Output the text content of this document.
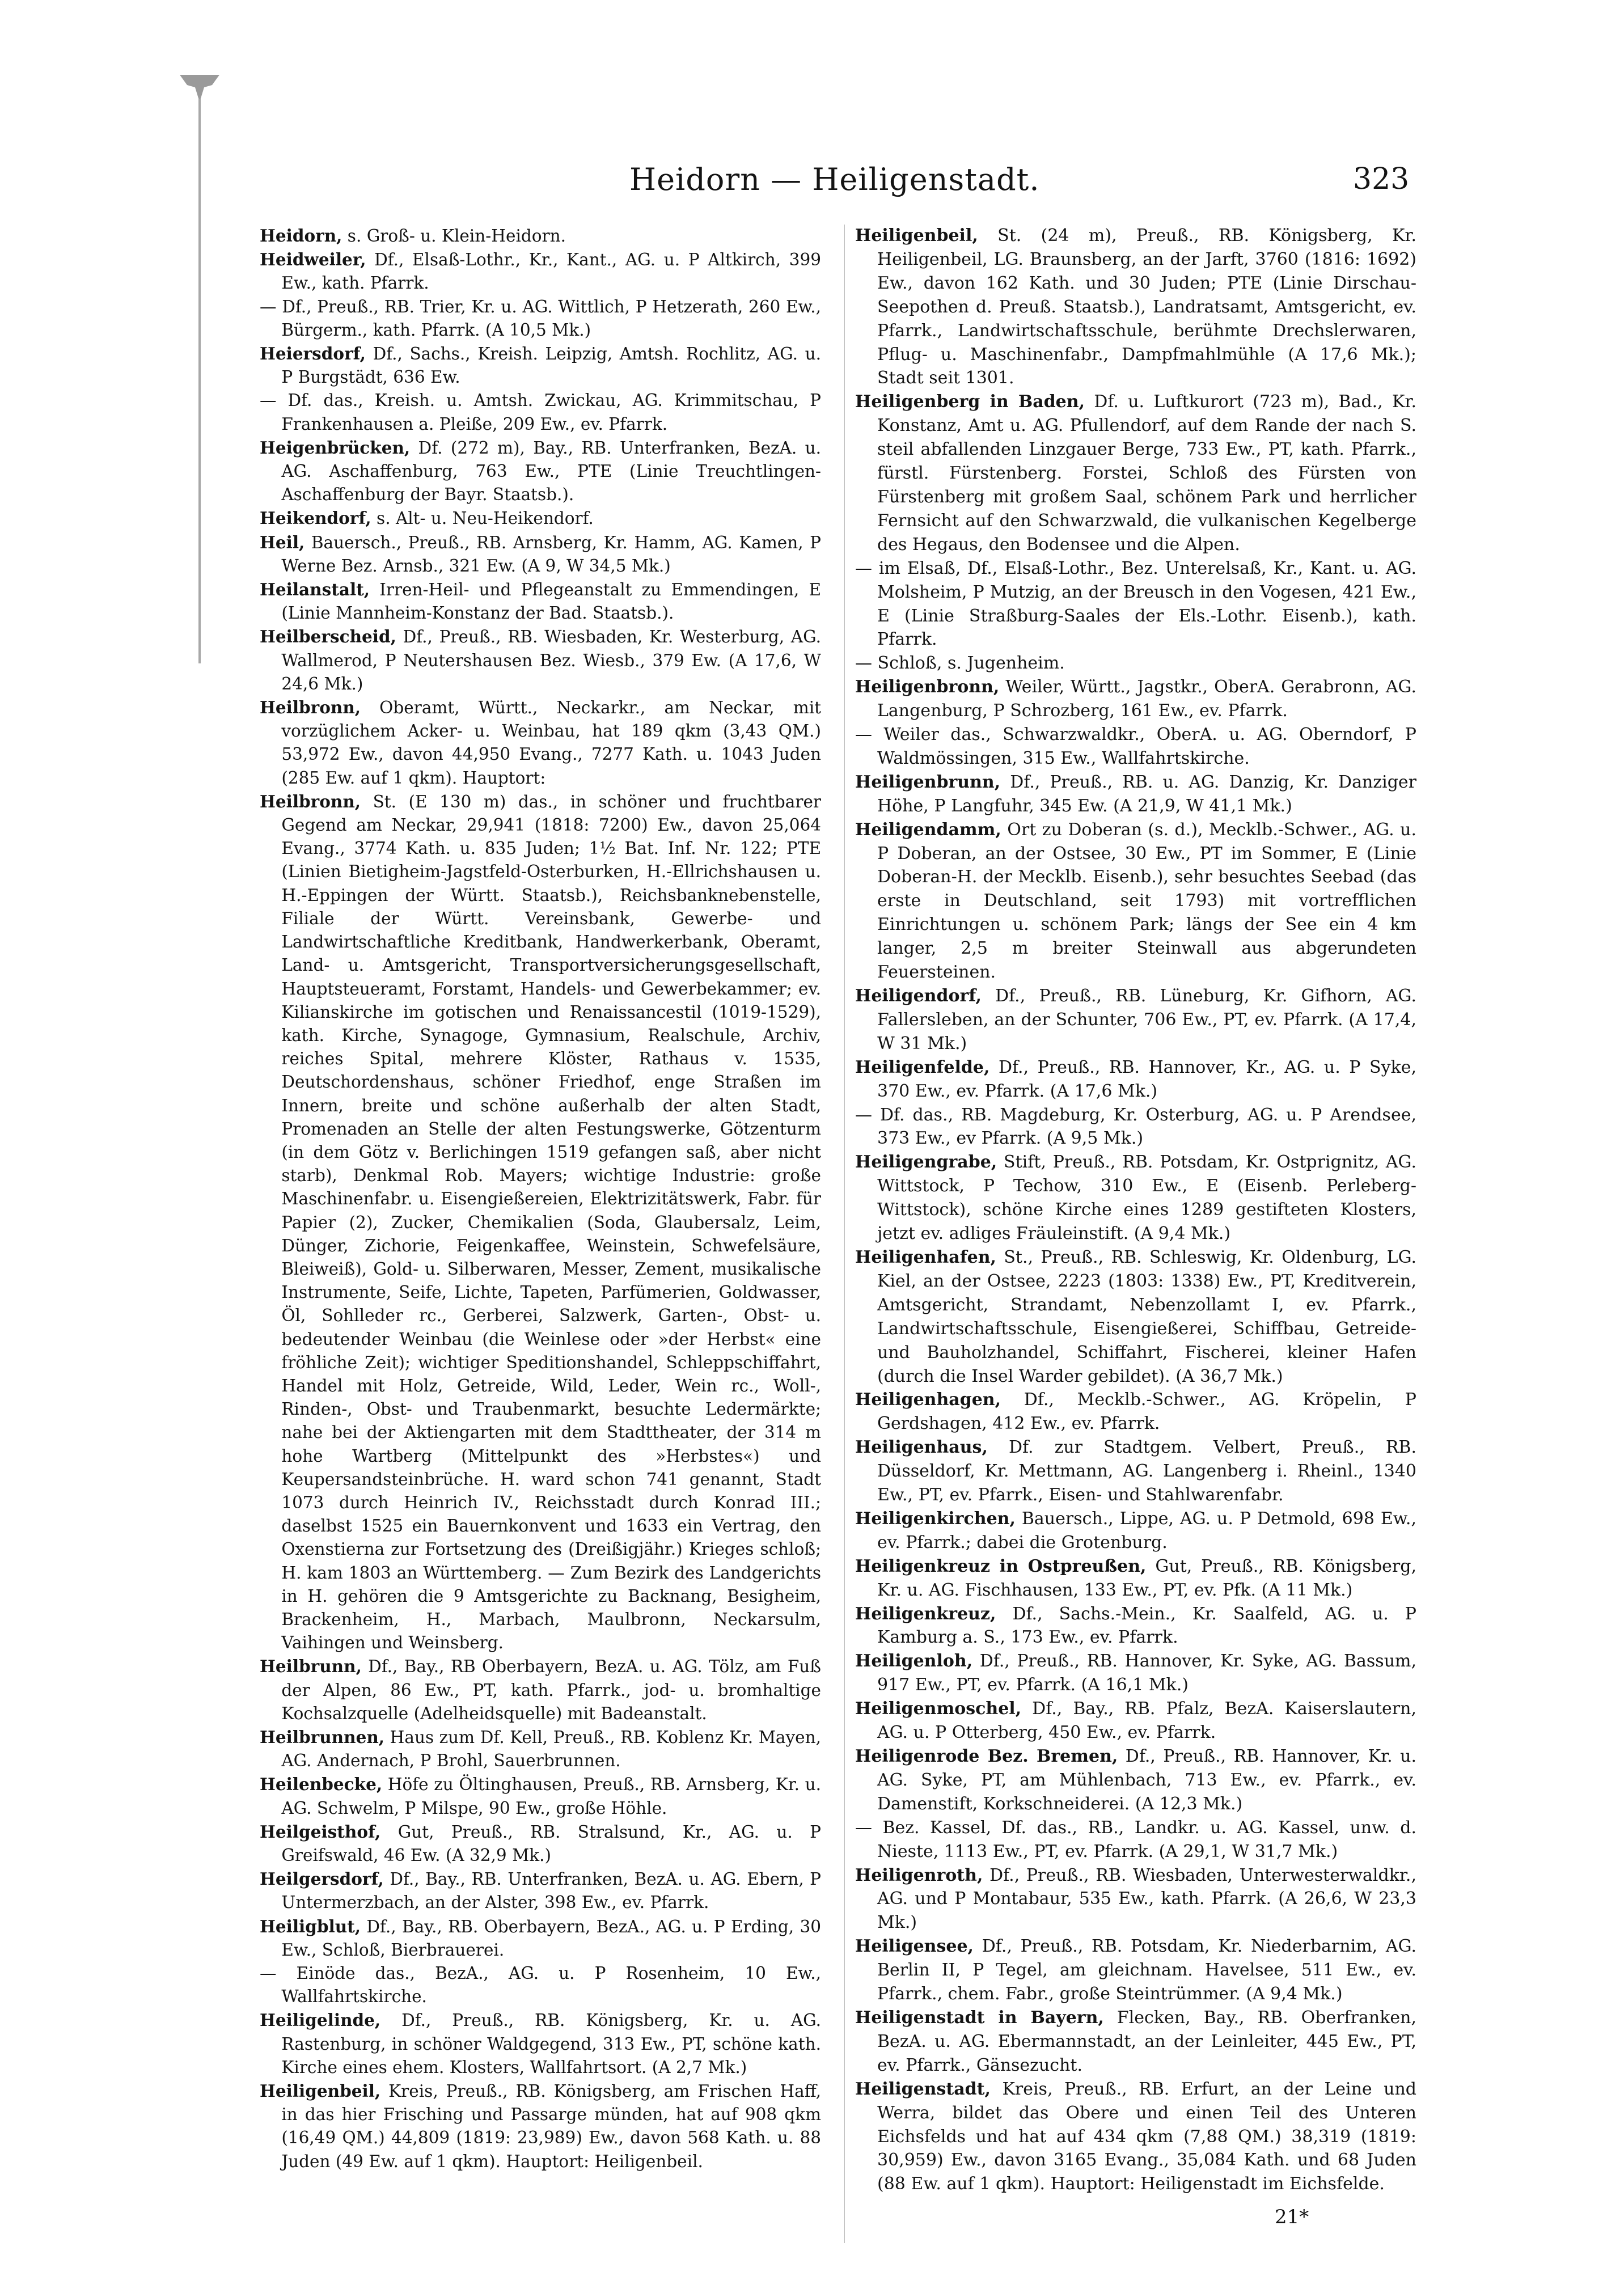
Heidorn — Heiligenstadt.	323
Heidorn, s. Groß- u. Klein-Heidorn.
Heidweiler, Df., Elsaß-Lothr., Kr., Kant., AG. u. P Altkirch, 399 Ew., kath. Pfarrk.
— Df., Preuß., RB. Trier, Kr. u. AG. Wittlich, P Hetzerath, 260 Ew., Bürgerm., kath. Pfarrk. (A 10,5 Mk.)
Heiersdorf, Df., Sachs., Kreish. Leipzig, Amtsh. Rochlitz, AG. u. P Burgstädt, 636 Ew.
— Df. das., Kreish. u. Amtsh. Zwickau, AG. Krimmitschau, P Frankenhausen a. Pleiße, 209 Ew., ev. Pfarrk.
Heigenbrücken, Df. (272 m), Bay., RB. Unterfranken, BezA. u. AG. Aschaffenburg, 763 Ew., PTE (Linie Treuchtlingen-Aschaffenburg der Bayr. Staatsb.).
Heikendorf, s. Alt- u. Neu-Heikendorf.
Heil, Bauersch., Preuß., RB. Arnsberg, Kr. Hamm, AG. Kamen, P Werne Bez. Arnsb., 321 Ew. (A 9, W 34,5 Mk.)
Heilanstalt, Irren-Heil- und Pflegeanstalt zu Emmendingen, E (Linie Mannheim-Konstanz der Bad. Staatsb.).
Heilberscheid, Df., Preuß., RB. Wiesbaden, Kr. Westerburg, AG. Wallmerod, P Neutershausen Bez. Wiesb., 379 Ew. (A 17,6, W 24,6 Mk.)
Heilbronn, Oberamt, Württ., Neckarkr., am Neckar, mit vorzüglichem Acker- u. Weinbau, hat 189 qkm (3,43 QM.) 53,972 Ew., davon 44,950 Evang., 7277 Kath. u. 1043 Juden (285 Ew. auf 1 qkm). Hauptort:
Heilbronn, St. (E 130 m) das., in schöner und fruchtbarer Gegend am Neckar, 29,941 (1818: 7200) Ew., davon 25,064 Evang., 3774 Kath. u. 835 Juden; 1½ Bat. Inf. Nr. 122; PTE (Linien Bietigheim-Jagstfeld-Osterburken, H.-Ellrichshausen u. H.-Eppingen der Württ. Staatsb.), Reichsbanknebenstelle, Filiale der Württ. Vereinsbank, Gewerbe- und Landwirtschaftliche Kreditbank, Handwerkerbank, Oberamt, Land- u. Amtsgericht, Transportversicherungsgesellschaft, Hauptsteueramt, Forstamt, Handels- und Gewerbekammer; ev. Kilianskirche im gotischen und Renaissancestil (1019-1529), kath. Kirche, Synagoge, Gymnasium, Realschule, Archiv, reiches Spital, mehrere Klöster, Rathaus v. 1535, Deutschordenshaus, schöner Friedhof, enge Straßen im Innern, breite und schöne außerhalb der alten Stadt, Promenaden an Stelle der alten Festungswerke, Götzenturm (in dem Götz v. Berlichingen 1519 gefangen saß, aber nicht starb), Denkmal Rob. Mayers; wichtige Industrie: große Maschinenfabr. u. Eisengießereien, Elektrizitätswerk, Fabr. für Papier (2), Zucker, Chemikalien (Soda, Glaubersalz, Leim, Dünger, Zichorie, Feigenkaffee, Weinstein, Schwefelsäure, Bleiweiß), Gold- u. Silberwaren, Messer, Zement, musikalische Instrumente, Seife, Lichte, Tapeten, Parfümerien, Goldwasser, Öl, Sohlleder rc., Gerberei, Salzwerk, Garten-, Obst- u. bedeutender Weinbau (die Weinlese oder »der Herbst« eine fröhliche Zeit); wichtiger Speditionshandel, Schleppschiffahrt, Handel mit Holz, Getreide, Wild, Leder, Wein rc., Woll-, Rinden-, Obst- und Traubenmarkt, besuchte Ledermärkte; nahe bei der Aktiengarten mit dem Stadttheater, der 314 m hohe Wartberg (Mittelpunkt des »Herbstes«) und Keupersandsteinbrüche. H. ward schon 741 genannt, Stadt 1073 durch Heinrich IV., Reichsstadt durch Konrad III.; daselbst 1525 ein Bauernkonvent und 1633 ein Vertrag, den Oxenstierna zur Fortsetzung des (Dreißigjähr.) Krieges schloß; H. kam 1803 an Württemberg. — Zum Bezirk des Landgerichts in H. gehören die 9 Amtsgerichte zu Backnang, Besigheim, Brackenheim, H., Marbach, Maulbronn, Neckarsulm, Vaihingen und Weinsberg.
Heilbrunn, Df., Bay., RB Oberbayern, BezA. u. AG. Tölz, am Fuß der Alpen, 86 Ew., PT, kath. Pfarrk., jod- u. bromhaltige Kochsalzquelle (Adelheidsquelle) mit Badeanstalt.
Heilbrunnen, Haus zum Df. Kell, Preuß., RB. Koblenz Kr. Mayen, AG. Andernach, P Brohl, Sauerbrunnen.
Heilenbecke, Höfe zu Öltinghausen, Preuß., RB. Arnsberg, Kr. u. AG. Schwelm, P Milspe, 90 Ew., große Höhle.
Heilgeisthof, Gut, Preuß., RB. Stralsund, Kr., AG. u. P Greifswald, 46 Ew. (A 32,9 Mk.)
Heilgersdorf, Df., Bay., RB. Unterfranken, BezA. u. AG. Ebern, P Untermerzbach, an der Alster, 398 Ew., ev. Pfarrk.
Heiligblut, Df., Bay., RB. Oberbayern, BezA., AG. u. P Erding, 30 Ew., Schloß, Bierbrauerei.
— Einöde das., BezA., AG. u. P Rosenheim, 10 Ew., Wallfahrtskirche.
Heiligelinde, Df., Preuß., RB. Königsberg, Kr. u. AG. Rastenburg, in schöner Waldgegend, 313 Ew., PT, schöne kath. Kirche eines ehem. Klosters, Wallfahrtsort. (A 2,7 Mk.)
Heiligenbeil, Kreis, Preuß., RB. Königsberg, am Frischen Haff, in das hier Frisching und Passarge münden, hat auf 908 qkm (16,49 QM.) 44,809 (1819: 23,989) Ew., davon 568 Kath. u. 88 Juden (49 Ew. auf 1 qkm). Hauptort: Heiligenbeil.
Heiligenbeil, St. (24 m), Preuß., RB. Königsberg, Kr. Heiligenbeil, LG. Braunsberg, an der Jarft, 3760 (1816: 1692) Ew., davon 162 Kath. und 30 Juden; PTE (Linie Dirschau-Seepothen d. Preuß. Staatsb.), Landratsamt, Amtsgericht, ev. Pfarrk., Landwirtschaftsschule, berühmte Drechslerwaren, Pflug- u. Maschinenfabr., Dampfmahlmühle (A 17,6 Mk.); Stadt seit 1301.
Heiligenberg in Baden, Df. u. Luftkurort (723 m), Bad., Kr. Konstanz, Amt u. AG. Pfullendorf, auf dem Rande der nach S. steil abfallenden Linzgauer Berge, 733 Ew., PT, kath. Pfarrk., fürstl. Fürstenberg. Forstei, Schloß des Fürsten von Fürstenberg mit großem Saal, schönem Park und herrlicher Fernsicht auf den Schwarzwald, die vulkanischen Kegelberge des Hegaus, den Bodensee und die Alpen.
— im Elsaß, Df., Elsaß-Lothr., Bez. Unterelsaß, Kr., Kant. u. AG. Molsheim, P Mutzig, an der Breusch in den Vogesen, 421 Ew., E (Linie Straßburg-Saales der Els.-Lothr. Eisenb.), kath. Pfarrk.
— Schloß, s. Jugenheim.
Heiligenbronn, Weiler, Württ., Jagstkr., OberA. Gerabronn, AG. Langenburg, P Schrozberg, 161 Ew., ev. Pfarrk.
— Weiler das., Schwarzwaldkr., OberA. u. AG. Oberndorf, P Waldmössingen, 315 Ew., Wallfahrtskirche.
Heiligenbrunn, Df., Preuß., RB. u. AG. Danzig, Kr. Danziger Höhe, P Langfuhr, 345 Ew. (A 21,9, W 41,1 Mk.)
Heiligendamm, Ort zu Doberan (s. d.), Mecklb.-Schwer., AG. u. P Doberan, an der Ostsee, 30 Ew., PT im Sommer, E (Linie Doberan-H. der Mecklb. Eisenb.), sehr besuchtes Seebad (das erste in Deutschland, seit 1793) mit vortrefflichen Einrichtungen u. schönem Park; längs der See ein 4 km langer, 2,5 m breiter Steinwall aus abgerundeten Feuersteinen.
Heiligendorf, Df., Preuß., RB. Lüneburg, Kr. Gifhorn, AG. Fallersleben, an der Schunter, 706 Ew., PT, ev. Pfarrk. (A 17,4, W 31 Mk.)
Heiligenfelde, Df., Preuß., RB. Hannover, Kr., AG. u. P Syke, 370 Ew., ev. Pfarrk. (A 17,6 Mk.)
— Df. das., RB. Magdeburg, Kr. Osterburg, AG. u. P Arendsee, 373 Ew., ev Pfarrk. (A 9,5 Mk.)
Heiligengrabe, Stift, Preuß., RB. Potsdam, Kr. Ostprignitz, AG. Wittstock, P Techow, 310 Ew., E (Eisenb. Perleberg-Wittstock), schöne Kirche eines 1289 gestifteten Klosters, jetzt ev. adliges Fräuleinstift. (A 9,4 Mk.)
Heiligenhafen, St., Preuß., RB. Schleswig, Kr. Oldenburg, LG. Kiel, an der Ostsee, 2223 (1803: 1338) Ew., PT, Kreditverein, Amtsgericht, Strandamt, Nebenzollamt I, ev. Pfarrk., Landwirtschaftsschule, Eisengießerei, Schiffbau, Getreide- und Bauholzhandel, Schiffahrt, Fischerei, kleiner Hafen (durch die Insel Warder gebildet). (A 36,7 Mk.)
Heiligenhagen, Df., Mecklb.-Schwer., AG. Kröpelin, P Gerdshagen, 412 Ew., ev. Pfarrk.
Heiligenhaus, Df. zur Stadtgem. Velbert, Preuß., RB. Düsseldorf, Kr. Mettmann, AG. Langenberg i. Rheinl., 1340 Ew., PT, ev. Pfarrk., Eisen- und Stahlwarenfabr.
Heiligenkirchen, Bauersch., Lippe, AG. u. P Detmold, 698 Ew., ev. Pfarrk.; dabei die Grotenburg.
Heiligenkreuz in Ostpreußen, Gut, Preuß., RB. Königsberg, Kr. u. AG. Fischhausen, 133 Ew., PT, ev. Pfk. (A 11 Mk.)
Heiligenkreuz, Df., Sachs.-Mein., Kr. Saalfeld, AG. u. P Kamburg a. S., 173 Ew., ev. Pfarrk.
Heiligenloh, Df., Preuß., RB. Hannover, Kr. Syke, AG. Bassum, 917 Ew., PT, ev. Pfarrk. (A 16,1 Mk.)
Heiligenmoschel, Df., Bay., RB. Pfalz, BezA. Kaiserslautern, AG. u. P Otterberg, 450 Ew., ev. Pfarrk.
Heiligenrode Bez. Bremen, Df., Preuß., RB. Hannover, Kr. u. AG. Syke, PT, am Mühlenbach, 713 Ew., ev. Pfarrk., ev. Damenstift, Korkschneiderei. (A 12,3 Mk.)
— Bez. Kassel, Df. das., RB., Landkr. u. AG. Kassel, unw. d. Nieste, 1113 Ew., PT, ev. Pfarrk. (A 29,1, W 31,7 Mk.)
Heiligenroth, Df., Preuß., RB. Wiesbaden, Unterwesterwaldkr., AG. und P Montabaur, 535 Ew., kath. Pfarrk. (A 26,6, W 23,3 Mk.)
Heiligensee, Df., Preuß., RB. Potsdam, Kr. Niederbarnim, AG. Berlin II, P Tegel, am gleichnam. Havelsee, 511 Ew., ev. Pfarrk., chem. Fabr., große Steintrümmer. (A 9,4 Mk.)
Heiligenstadt in Bayern, Flecken, Bay., RB. Oberfranken, BezA. u. AG. Ebermannstadt, an der Leinleiter, 445 Ew., PT, ev. Pfarrk., Gänsezucht.
Heiligenstadt, Kreis, Preuß., RB. Erfurt, an der Leine und Werra, bildet das Obere und einen Teil des Unteren Eichsfelds und hat auf 434 qkm (7,88 QM.) 38,319 (1819: 30,959) Ew., davon 3165 Evang., 35,084 Kath. und 68 Juden (88 Ew. auf 1 qkm). Hauptort: Heiligenstadt im Eichsfelde.
21*
